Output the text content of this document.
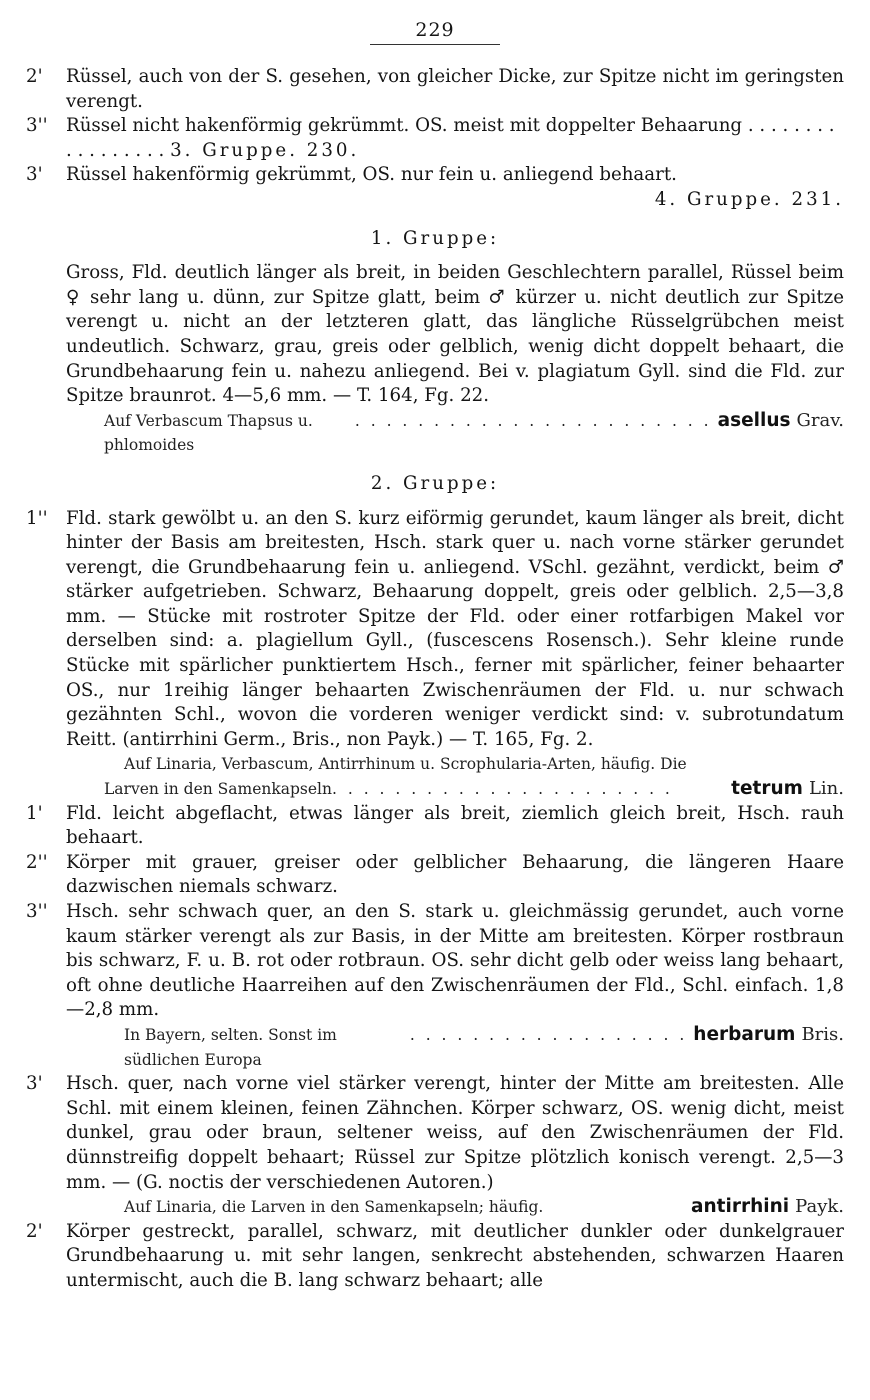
229
2'	Rüssel, auch von der S. gesehen, von gleicher Dicke, zur Spitze nicht im geringsten verengt.
3''	Rüssel nicht hakenförmig gekrümmt. OS. meist mit doppelter Behaarung . . . . . . . . . . . . . . . . . 3. Gruppe. 230.
3'	Rüssel hakenförmig gekrümmt, OS. nur fein u. anliegend behaart.
4. Gruppe. 231.
1. Gruppe:
Gross, Fld. deutlich länger als breit, in beiden Geschlechtern parallel, Rüssel beim ♀ sehr lang u. dünn, zur Spitze glatt, beim ♂ kürzer u. nicht deutlich zur Spitze verengt u. nicht an der letzteren glatt, das längliche Rüsselgrübchen meist undeutlich. Schwarz, grau, greis oder gelblich, wenig dicht doppelt behaart, die Grundbehaarung fein u. nahezu anliegend. Bei v. plagiatum Gyll. sind die Fld. zur Spitze braunrot. 4—5,6 mm. — T. 164, Fg. 22.
Auf Verbascum Thapsus u. phlomoides
. . . . . . . . . . . . . . . . . . . . . . . asellus Grav.
2. Gruppe:
1''	Fld. stark gewölbt u. an den S. kurz eiförmig gerundet, kaum länger als breit, dicht hinter der Basis am breitesten, Hsch. stark quer u. nach vorne stärker gerundet verengt, die Grundbehaarung fein u. anliegend. VSchl. gezähnt, verdickt, beim ♂ stärker aufgetrieben. Schwarz, Behaarung doppelt, greis oder gelblich. 2,5—3,8 mm. — Stücke mit rostroter Spitze der Fld. oder einer rotfarbigen Makel vor derselben sind: a. plagiellum Gyll., (fuscescens Rosensch.). Sehr kleine runde Stücke mit spärlicher punktiertem Hsch., ferner mit spärlicher, feiner behaarter OS., nur 1reihig länger behaarten Zwischenräumen der Fld. u. nur schwach gezähnten Schl., wovon die vorderen weniger verdickt sind: v. subrotundatum Reitt. (antirrhini Germ., Bris., non Payk.) — T. 165, Fg. 2.
Auf Linaria, Verbascum, Antirrhinum u. Scrophularia-Arten, häufig. Die
Larven in den Samenkapseln . . . . . . . . . . . . . . . . . . . . . .	tetrum Lin.
1'	Fld. leicht abgeflacht, etwas länger als breit, ziemlich gleich breit, Hsch. rauh behaart.
2''	Körper mit grauer, greiser oder gelblicher Behaarung, die längeren Haare dazwischen niemals schwarz.
3''	Hsch. sehr schwach quer, an den S. stark u. gleichmässig gerundet, auch vorne kaum stärker verengt als zur Basis, in der Mitte am breitesten. Körper rostbraun bis schwarz, F. u. B. rot oder rotbraun. OS. sehr dicht gelb oder weiss lang behaart, oft ohne deutliche Haarreihen auf den Zwischenräumen der Fld., Schl. einfach. 1,8—2,8 mm.
In Bayern, selten. Sonst im südlichen Europa
. . . . . . . . . . . . . . . . . . herbarum Bris.
3'	Hsch. quer, nach vorne viel stärker verengt, hinter der Mitte am breitesten. Alle Schl. mit einem kleinen, feinen Zähnchen. Körper schwarz, OS. wenig dicht, meist dunkel, grau oder braun, seltener weiss, auf den Zwischenräumen der Fld. dünnstreifig doppelt behaart; Rüssel zur Spitze plötzlich konisch verengt. 2,5—3 mm. — (G. noctis der verschiedenen Autoren.)
Auf Linaria, die Larven in den Samenkapseln; häufig.	antirrhini Payk.
2'	Körper gestreckt, parallel, schwarz, mit deutlicher dunkler oder dunkelgrauer Grundbehaarung u. mit sehr langen, senkrecht abstehenden, schwarzen Haaren untermischt, auch die B. lang schwarz behaart; alle
